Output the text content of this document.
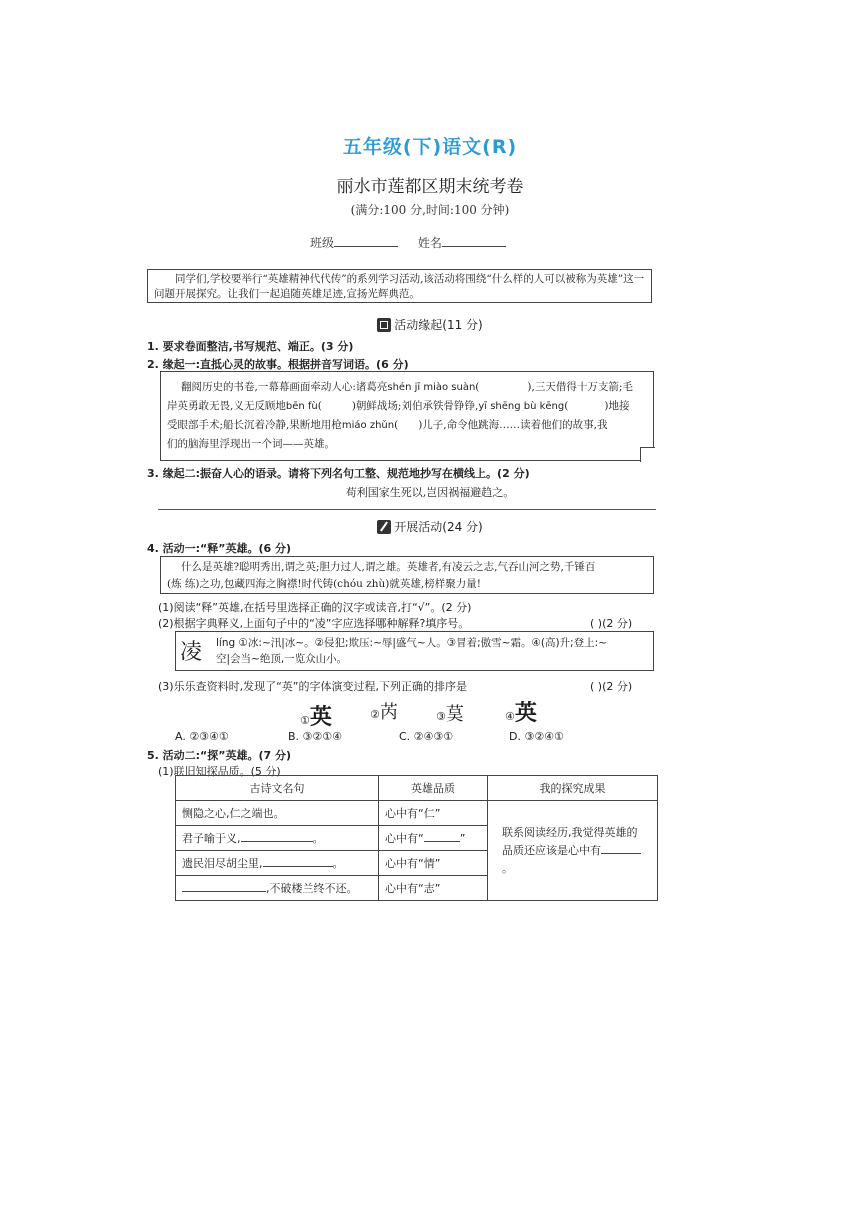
五年级(下)语文(R)
丽水市莲都区期末统考卷
(满分:100 分,时间:100 分钟)
班级	姓名
同学们,学校要举行“英雄精神代代传”的系列学习活动,该活动将围绕“什么样的人可以被称为英雄”这一问题开展探究。让我们一起追随英雄足迹,宣扬光辉典范。
活动缘起(11 分)
1. 要求卷面整洁,书写规范、端正。(3 分)
2. 缘起一:直抵心灵的故事。根据拼音写词语。(6 分)
翻阅历史的书卷,一幕幕画面牵动人心:诸葛亮shén jī miào suàn(	),三天借得十万支箭;毛
岸英勇敢无畏,义无反顾地bēn fù(	)朝鲜战场;刘伯承铁骨铮铮,yī shēng bù kēng(	)地接
受眼部手术;船长沉着冷静,果断地用枪miáo zhǔn( )儿子,命令他跳海……读着他们的故事,我
们的脑海里浮现出一个词——英雄。
3. 缘起二:振奋人心的语录。请将下列名句工整、规范地抄写在横线上。(2 分)
苟利国家生死以,岂因祸福避趋之。
开展活动(24 分)
4. 活动一:“释”英雄。(6 分)
什么是英雄?聪明秀出,谓之英;胆力过人,谓之雄。英雄者,有凌云之志,气吞山河之势,千锤百
(炼 练)之功,包藏四海之胸襟!时代铸(chóu zhù)就英雄,榜样聚力量!
(1)阅读“释”英雄,在括号里选择正确的汉字或读音,打“√”。(2 分)
(2)根据字典释义,上面句子中的“凌”字应选择哪种解释?填序号。	( )(2 分)
凌 líng ①冰:~汛|冰~。②侵犯;欺压:~辱|盛气~人。③冒着;傲雪~霜。④(高)升;登上:~
空|会当~绝顶,一览众山小。
(3)乐乐查资料时,发现了“英”的字体演变过程,下列正确的排序是	( )(2 分)
①英	②芮	③茣	④英
A. ②③④①	B. ③②①④	C. ②④③①	D. ③②④①
5. 活动二:“探”英雄。(7 分)
(1)联旧知探品质。(5 分)
古诗文名句	英雄品质	我的探究成果
恻隐之心,仁之端也。	心中有“仁”	联系阅读经历,我觉得英雄的
品质还应该是心中有。

君子喻于义, 。	心中有“ ”	
遗民泪尽胡尘里, 。	心中有“情”	
,不破楼兰终不还。	心中有“志”	
